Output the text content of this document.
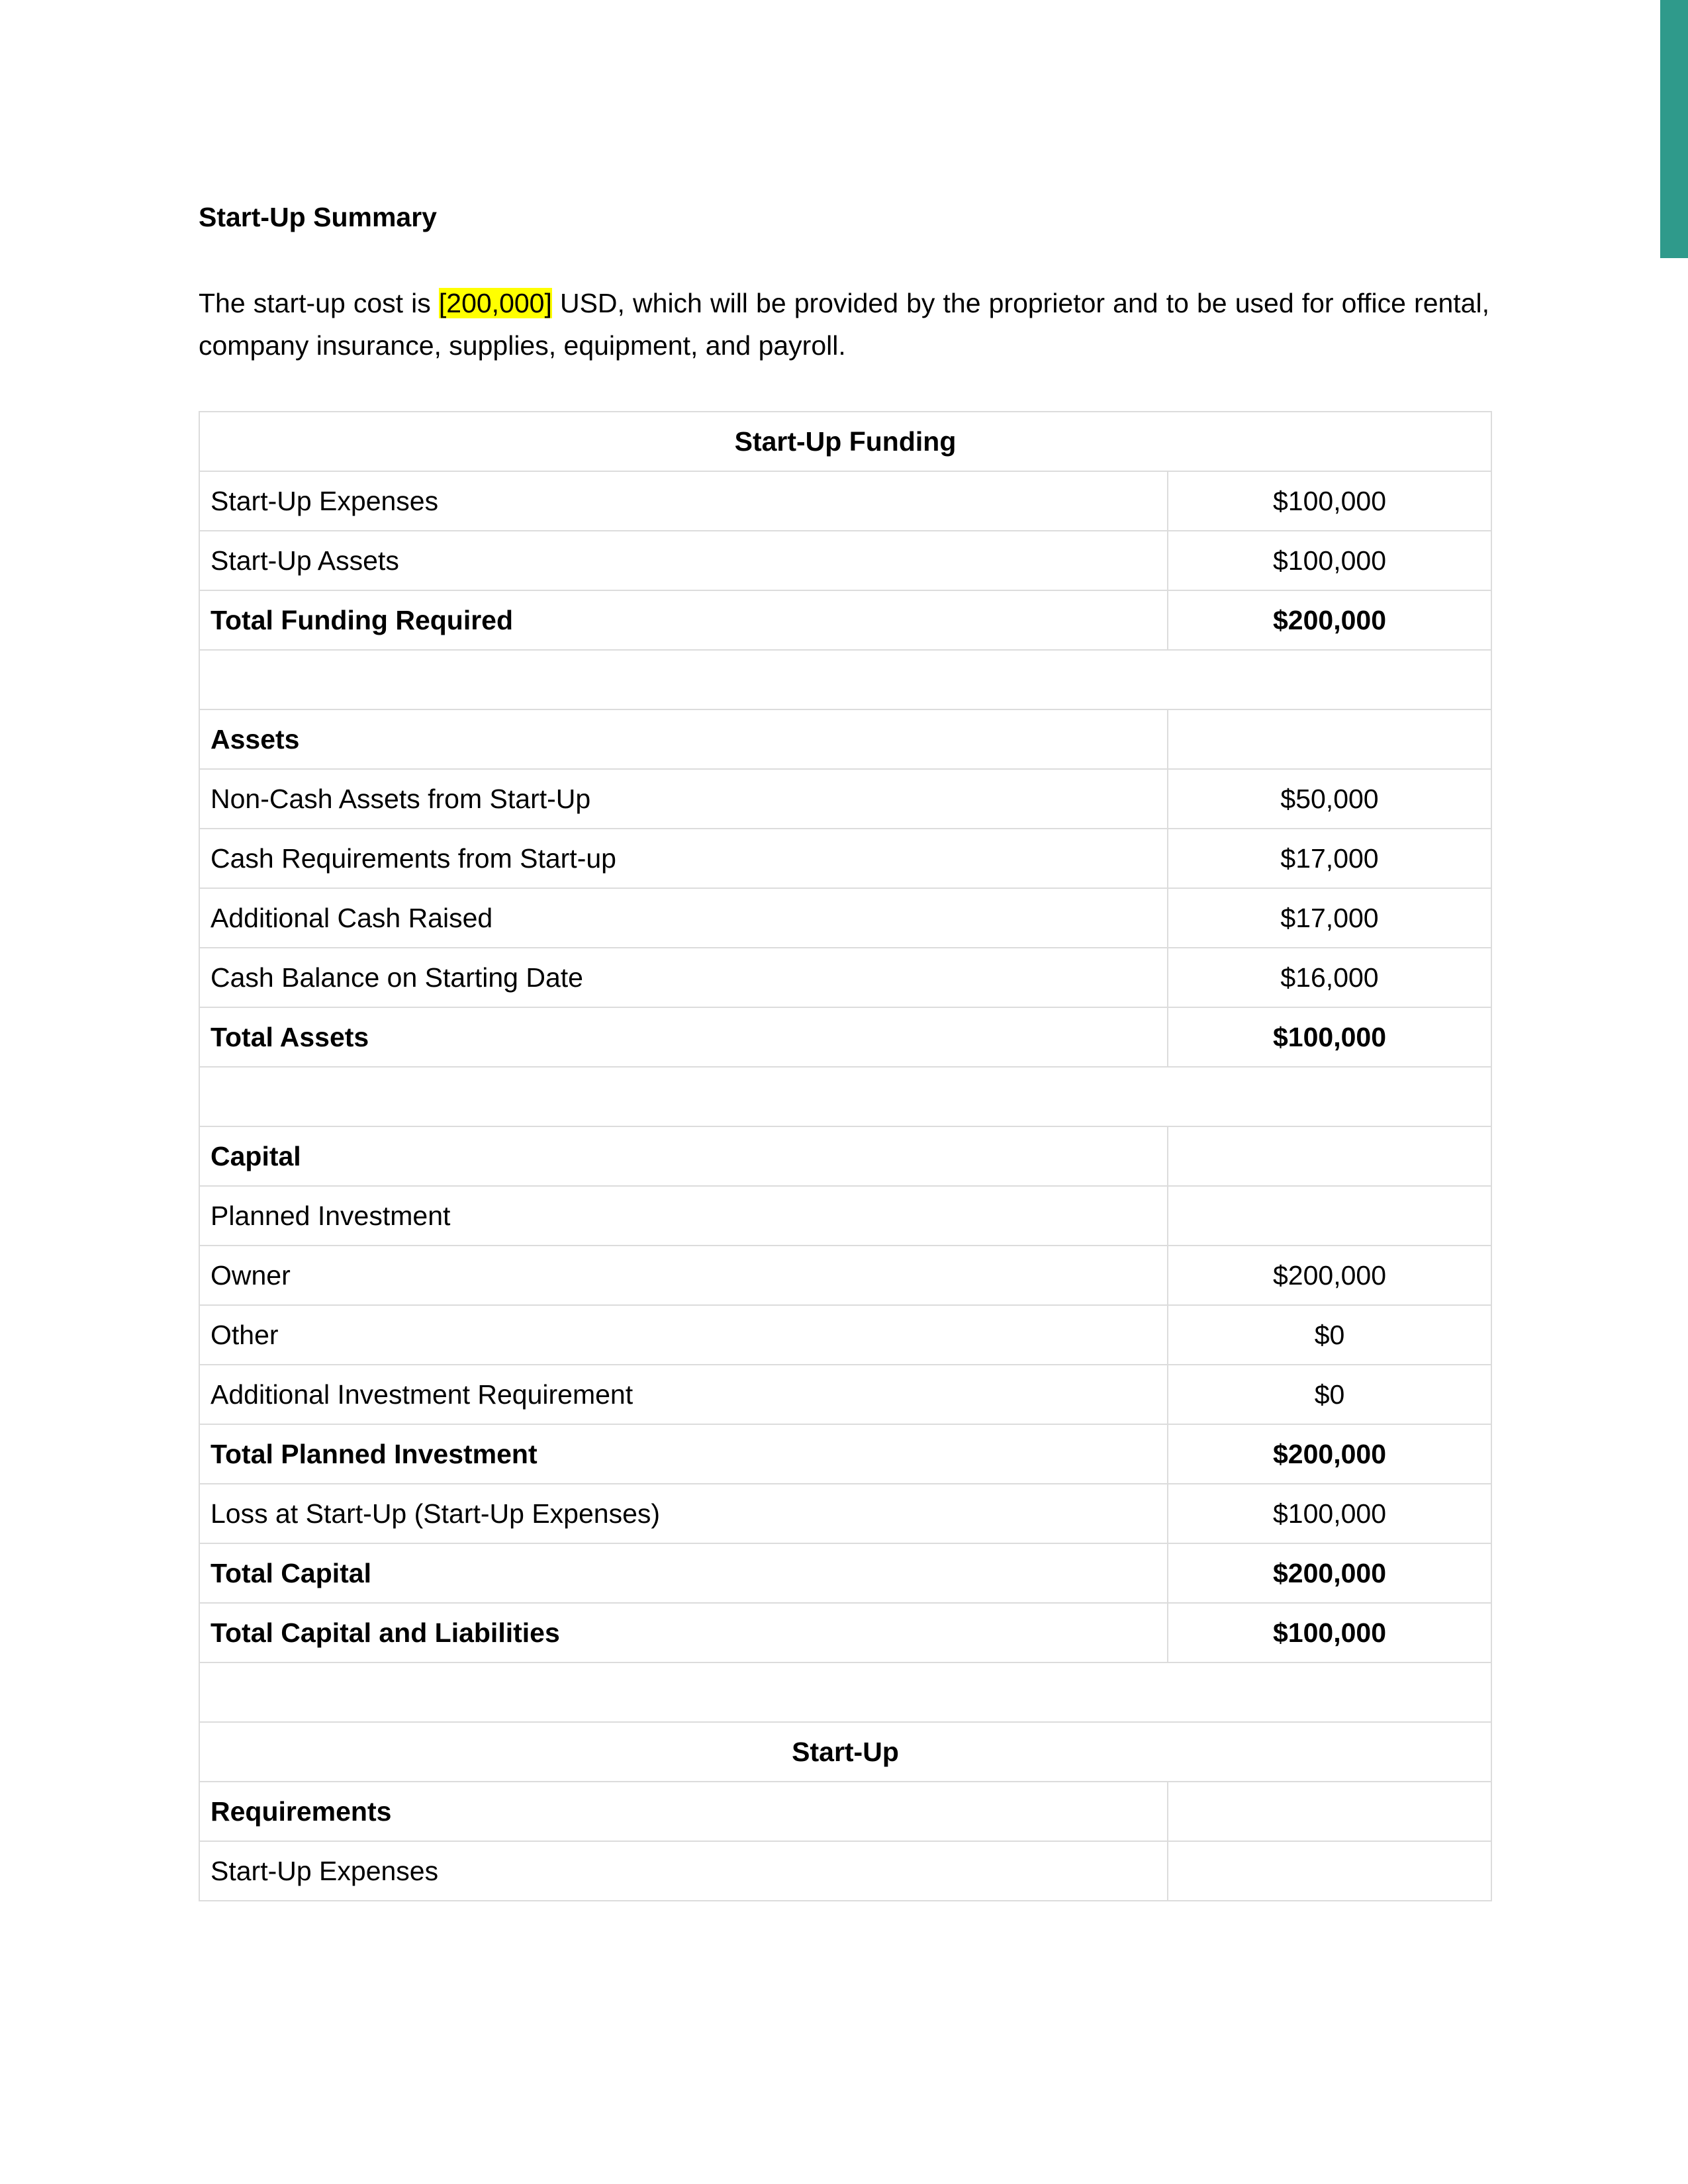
Start-Up Summary

The start-up cost is [200,000] USD, which will be provided by the proprietor and to be used for office rental, company insurance, supplies, equipment, and payroll.

Start-Up Funding	
Start-Up Expenses	$100,000
Start-Up Assets	$100,000
Total Funding Required	$200,000

Assets	
Non-Cash Assets from Start-Up	$50,000
Cash Requirements from Start-up	$17,000
Additional Cash Raised	$17,000
Cash Balance on Starting Date	$16,000
Total Assets	$100,000

Capital	
Planned Investment	
Owner	$200,000
Other	$0
Additional Investment Requirement	$0
Total Planned Investment	$200,000
Loss at Start-Up (Start-Up Expenses)	$100,000
Total Capital	$200,000
Total Capital and Liabilities	$100,000

Start-Up	
Requirements	
Start-Up Expenses	
